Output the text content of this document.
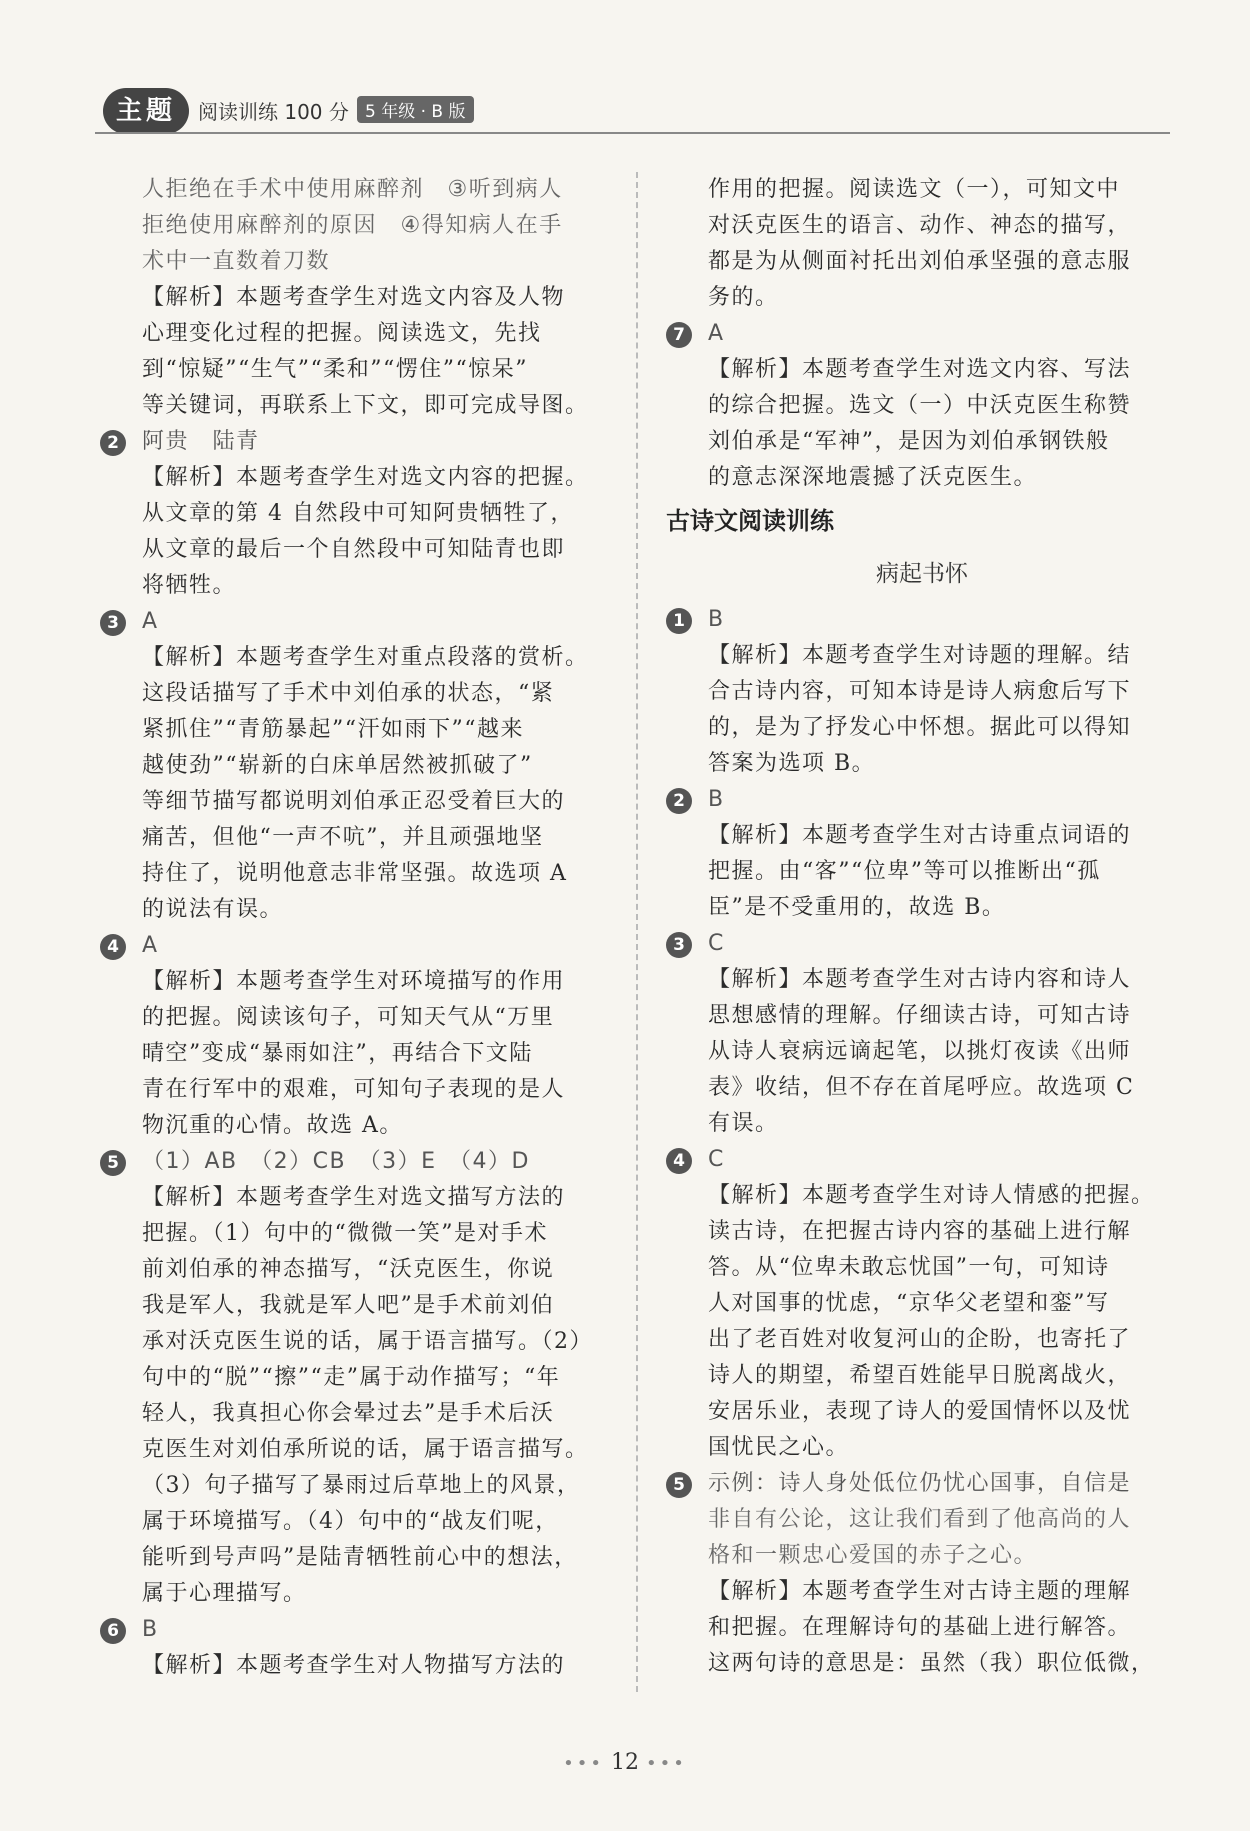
主题	阅读训练 100 分 5 年级 · B 版
人拒绝在手术中使用麻醉剂　③听到病人
拒绝使用麻醉剂的原因　④得知病人在手
术中一直数着刀数
【解析】本题考查学生对选文内容及人物
心理变化过程的把握。阅读选文，先找
到“惊疑”“生气”“柔和”“愣住”“惊呆”
等关键词，再联系上下文，即可完成导图。
2	阿贵　陆青
【解析】本题考查学生对选文内容的把握。
从文章的第 4 自然段中可知阿贵牺牲了，
从文章的最后一个自然段中可知陆青也即
将牺牲。
3	A
【解析】本题考查学生对重点段落的赏析。
这段话描写了手术中刘伯承的状态，“紧
紧抓住”“青筋暴起”“汗如雨下”“越来
越使劲”“崭新的白床单居然被抓破了”
等细节描写都说明刘伯承正忍受着巨大的
痛苦，但他“一声不吭”，并且顽强地坚
持住了，说明他意志非常坚强。故选项 A
的说法有误。
4	A
【解析】本题考查学生对环境描写的作用
的把握。阅读该句子，可知天气从“万里
晴空”变成“暴雨如注”，再结合下文陆
青在行军中的艰难，可知句子表现的是人
物沉重的心情。故选 A。
5	（1）AB　（2）CB　（3）E　（4）D
【解析】本题考查学生对选文描写方法的
把握。（1）句中的“微微一笑”是对手术
前刘伯承的神态描写，“沃克医生，你说
我是军人，我就是军人吧”是手术前刘伯
承对沃克医生说的话，属于语言描写。（2）
句中的“脱”“擦”“走”属于动作描写；“年
轻人，我真担心你会晕过去”是手术后沃
克医生对刘伯承所说的话，属于语言描写。
（3）句子描写了暴雨过后草地上的风景，
属于环境描写。（4）句中的“战友们呢，
能听到号声吗”是陆青牺牲前心中的想法，
属于心理描写。
6	B
【解析】本题考查学生对人物描写方法的
作用的把握。阅读选文（一），可知文中
对沃克医生的语言、动作、神态的描写，
都是为从侧面衬托出刘伯承坚强的意志服
务的。
7	A
【解析】本题考查学生对选文内容、写法
的综合把握。选文（一）中沃克医生称赞
刘伯承是“军神”，是因为刘伯承钢铁般
的意志深深地震撼了沃克医生。
古诗文阅读训练
病起书怀
1	B
【解析】本题考查学生对诗题的理解。结
合古诗内容，可知本诗是诗人病愈后写下
的，是为了抒发心中怀想。据此可以得知
答案为选项 B。
2	B
【解析】本题考查学生对古诗重点词语的
把握。由“客”“位卑”等可以推断出“孤
臣”是不受重用的，故选 B。
3	C
【解析】本题考查学生对古诗内容和诗人
思想感情的理解。仔细读古诗，可知古诗
从诗人衰病远谪起笔，以挑灯夜读《出师
表》收结，但不存在首尾呼应。故选项 C
有误。
4	C
【解析】本题考查学生对诗人情感的把握。
读古诗，在把握古诗内容的基础上进行解
答。从“位卑未敢忘忧国”一句，可知诗
人对国事的忧虑，“京华父老望和銮”写
出了老百姓对收复河山的企盼，也寄托了
诗人的期望，希望百姓能早日脱离战火，
安居乐业，表现了诗人的爱国情怀以及忧
国忧民之心。
5	示例：诗人身处低位仍忧心国事，自信是
非自有公论，这让我们看到了他高尚的人
格和一颗忠心爱国的赤子之心。
【解析】本题考查学生对古诗主题的理解
和把握。在理解诗句的基础上进行解答。
这两句诗的意思是：虽然（我）职位低微，
••• 12 •••
